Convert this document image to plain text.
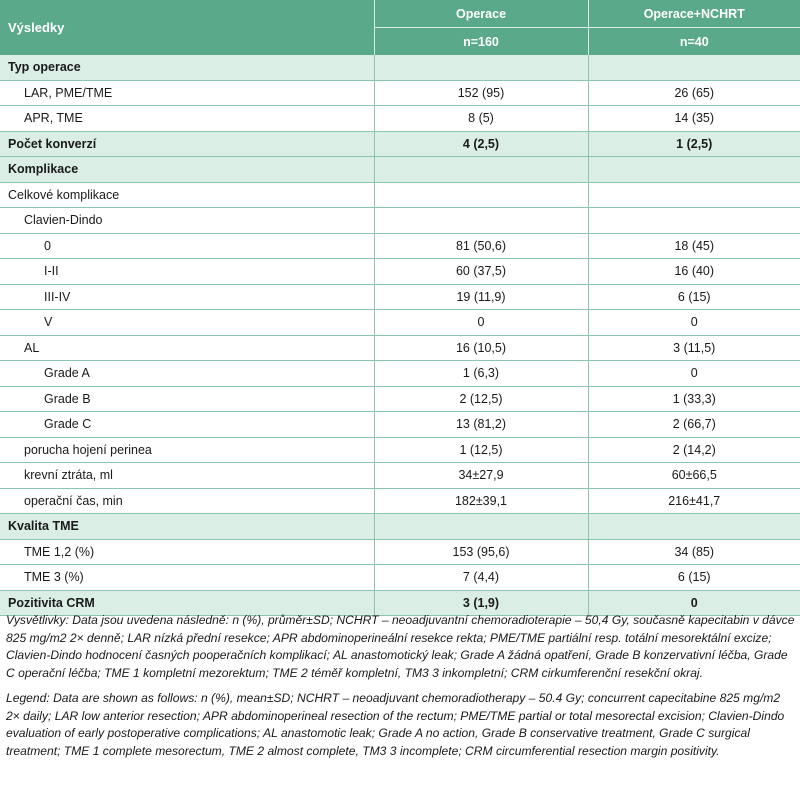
Výsledky	Operace	Operace+NCHRT
	n=160	n=40
Typ operace		
LAR, PME/TME	152 (95)	26 (65)
APR, TME	8 (5)	14 (35)
Počet konverzí	4 (2,5)	1 (2,5)
Komplikace		
Celkové komplikace		
Clavien-Dindo		
0	81 (50,6)	18 (45)
I-II	60 (37,5)	16 (40)
III-IV	19 (11,9)	6 (15)
V	0	0
AL	16 (10,5)	3 (11,5)
Grade A	1 (6,3)	0
Grade B	2 (12,5)	1 (33,3)
Grade C	13 (81,2)	2 (66,7)
porucha hojení perinea	1 (12,5)	2 (14,2)
krevní ztráta, ml	34±27,9	60±66,5
operační čas, min	182±39,1	216±41,7
Kvalita TME		
TME 1,2 (%)	153 (95,6)	34 (85)
TME 3 (%)	7 (4,4)	6 (15)
Pozitivita CRM	3 (1,9)	0

Vysvětlivky: Data jsou uvedena následně: n (%), průměr±SD; NCHRT – neoadjuvantní chemoradioterapie – 50,4 Gy, současně kapecitabin v dávce 825 mg/m2 2× denně; LAR nízká přední resekce; APR abdominoperineální resekce rekta; PME/TME partiální resp. totální mesorektální excize; Clavien-Dindo hodnocení časných pooperačních komplikací; AL anastomotický leak; Grade A žádná opatření, Grade B konzervativní léčba, Grade C operační léčba; TME 1 kompletní mezorektum; TME 2 téměř kompletní, TM3 3 inkompletní; CRM cirkumferenční resekční okraj.

Legend: Data are shown as follows: n (%), mean±SD; NCHRT – neoadjuvant chemoradiotherapy – 50.4 Gy; concurrent capecitabine 825 mg/m2 2× daily; LAR low anterior resection; APR abdominoperineal resection of the rectum; PME/TME partial or total mesorectal excision; Clavien-Dindo evaluation of early postoperative complications; AL anastomotic leak; Grade A no action, Grade B conservative treatment, Grade C surgical treatment; TME 1 complete mesorectum, TME 2 almost complete, TM3 3 incomplete; CRM circumferential resection margin positivity.
